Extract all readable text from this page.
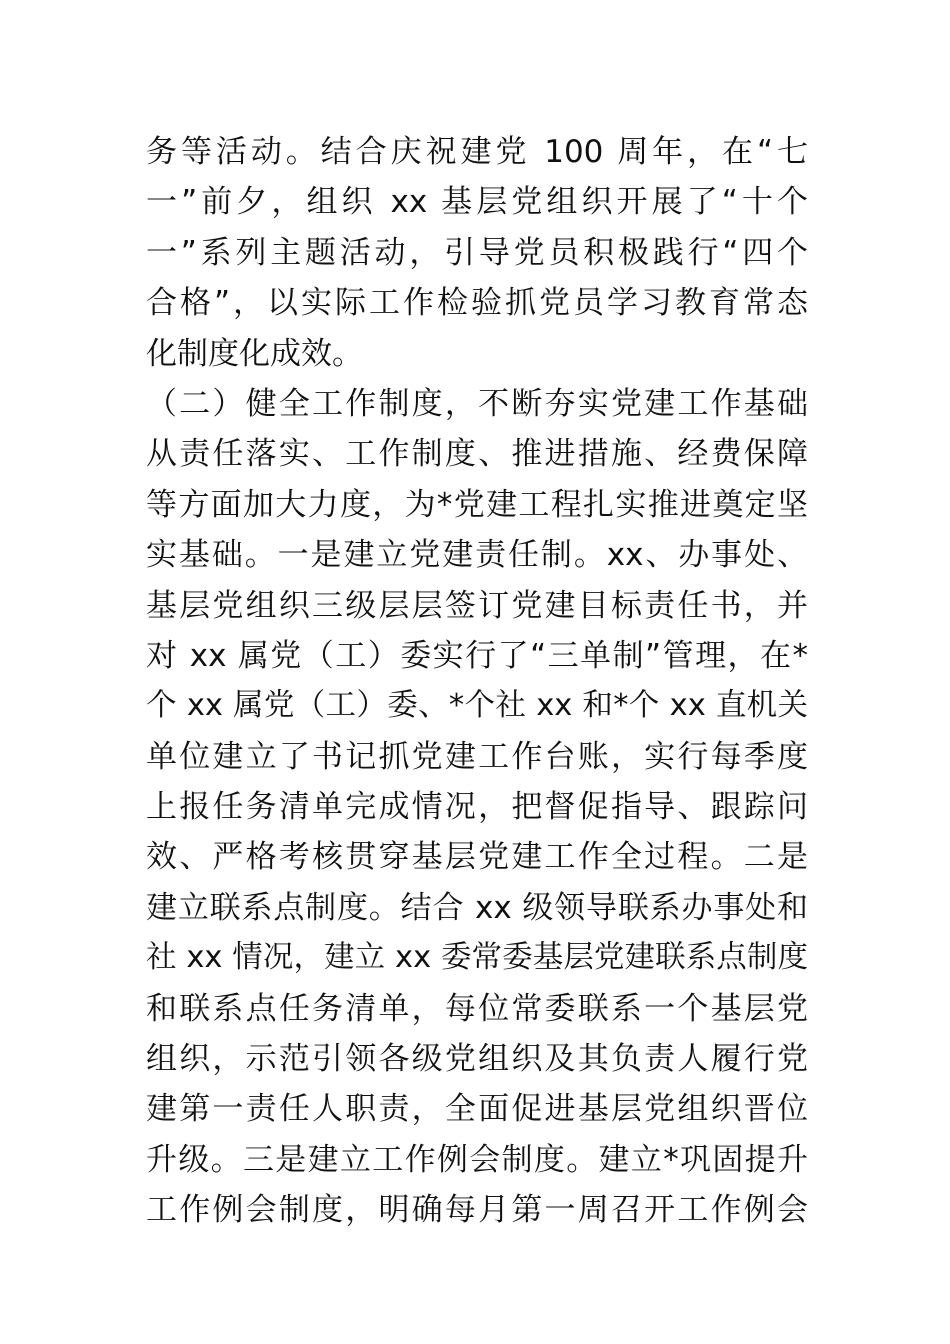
务等活动。结合庆祝建党 100 周年，在“七
一”前夕，组织 xx 基层党组织开展了“十个
一”系列主题活动，引导党员积极践行“四个
合格”，以实际工作检验抓党员学习教育常态
化制度化成效。
（二）健全工作制度，不断夯实党建工作基础
从责任落实、工作制度、推进措施、经费保障
等方面加大力度，为*党建工程扎实推进奠定坚
实基础。一是建立党建责任制。xx、办事处、
基层党组织三级层层签订党建目标责任书，并
对 xx 属党（工）委实行了“三单制”管理，在*
个 xx 属党（工）委、*个社 xx 和*个 xx 直机关
单位建立了书记抓党建工作台账，实行每季度
上报任务清单完成情况，把督促指导、跟踪问
效、严格考核贯穿基层党建工作全过程。二是
建立联系点制度。结合 xx 级领导联系办事处和
社 xx 情况，建立 xx 委常委基层党建联系点制度
和联系点任务清单，每位常委联系一个基层党
组织，示范引领各级党组织及其负责人履行党
建第一责任人职责，全面促进基层党组织晋位
升级。三是建立工作例会制度。建立*巩固提升
工作例会制度，明确每月第一周召开工作例会
